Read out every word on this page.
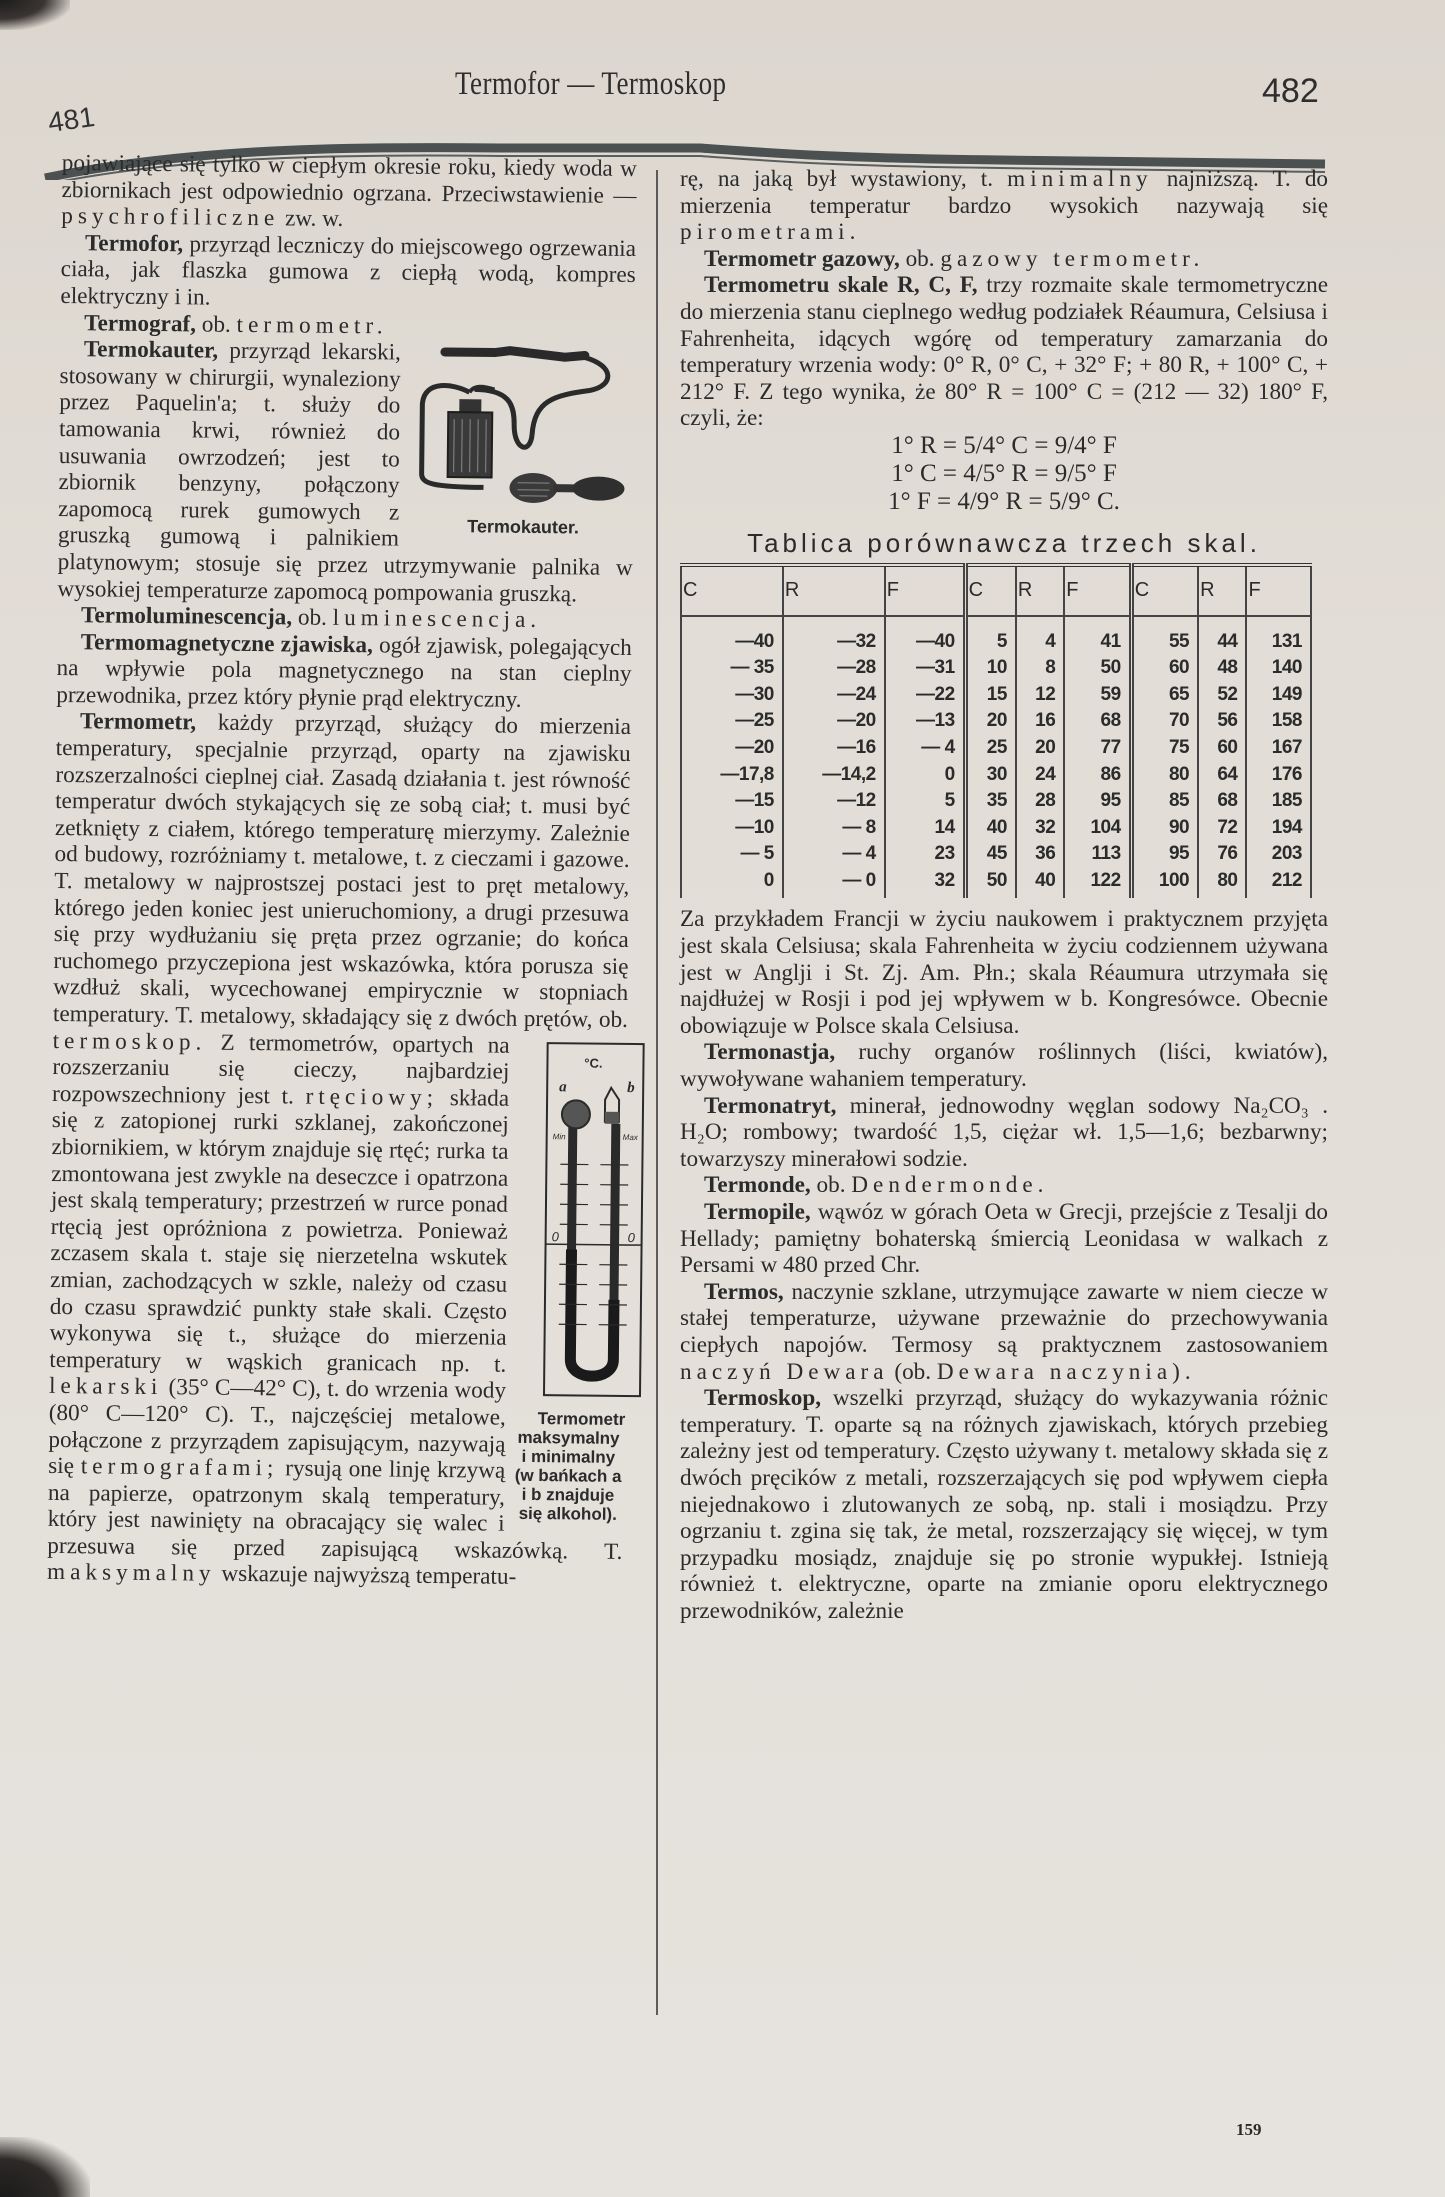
481
Termofor — Termoskop	482

pojawiające się tylko w ciepłym okresie roku, kiedy woda w zbiornikach jest odpowiednio ogrzana. Przeciwstawienie — psychrofiliczne zw. w.

Termofor, przyrząd leczniczy do miejscowego ogrzewania ciała, jak flaszka gumowa z ciepłą wodą, kompres elektryczny i in.

Termograf, ob. termometr.

Termokauter.

Termokauter, przyrząd lekarski, stosowany w chirurgii, wynaleziony przez Paquelin'a; t. służy do tamowania krwi, również do usuwania owrzodzeń; jest to zbiornik benzyny, połączony zapomocą rurek gumowych z gruszką gumową i palnikiem platynowym; stosuje się przez utrzymywanie palnika w wysokiej temperaturze zapomocą pompowania gruszką.

Termoluminescencja, ob. luminescencja.

Termomagnetyczne zjawiska, ogół zjawisk, polegających na wpływie pola magnetycznego na stan cieplny przewodnika, przez który płynie prąd elektryczny.

Termometr, każdy przyrząd, służący do mierzenia temperatury, specjalnie przyrząd, oparty na zjawisku rozszerzalności cieplnej ciał. Zasadą działania t. jest równość temperatur dwóch stykających się ze sobą ciał; t. musi być zetknięty z ciałem, którego temperaturę mierzymy. Zależnie od budowy, rozróżniamy t. metalowe, t. z cieczami i gazowe. T. metalowy w najprostszej postaci jest to pręt metalowy, którego jeden koniec jest unieruchomiony, a drugi przesuwa się przy wydłużaniu się pręta przez ogrzanie; do końca ruchomego przyczepiona jest wskazówka, która porusza się wzdłuż skali, wycechowanej empirycznie w stopniach temperatury. T. metalowy, składający się z dwóch prętów, ob. termoskop.
°C.
a	b
Min	Max
0	0
Termometr maksymalny i minimalny (w bańkach a i b znajduje się alkohol).
Z termometrów, opartych na rozszerzaniu się cieczy, najbardziej rozpowszechniony jest t. rtęciowy; składa się z zatopionej rurki szklanej, zakończonej zbiornikiem, w którym znajduje się rtęć; rurka ta zmontowana jest zwykle na deseczce i opatrzona jest skalą temperatury; przestrzeń w rurce ponad rtęcią jest opróżniona z powietrza. Ponieważ zczasem skala t. staje się nierzetelna wskutek zmian, zachodzących w szkle, należy od czasu do czasu sprawdzić punkty stałe skali. Często wykonywa się t., służące do mierzenia temperatury w wąskich granicach np. t. lekarski (35° C—42° C), t. do wrzenia wody (80° C—120° C). T., najczęściej metalowe, połączone z przyrządem zapisującym, nazywają się termografami; rysują one linję krzywą na papierze, opatrzonym skalą temperatury, który jest nawinięty na obracający się walec i przesuwa się przed zapisującą wskazówką. T. maksymalny wskazuje najwyższą temperatu-

rę, na jaką był wystawiony, t. minimalny najniższą. T. do mierzenia temperatur bardzo wysokich nazywają się pirometrami.

Termometr gazowy, ob. gazowy termometr.

Termometru skale R, C, F, trzy rozmaite skale termometryczne do mierzenia stanu cieplnego według podziałek Réaumura, Celsiusa i Fahrenheita, idących wgórę od temperatury zamarzania do temperatury wrzenia wody: 0° R, 0° C, + 32° F; + 80 R, + 100° C, + 212° F. Z tego wynika, że 80° R = 100° C = (212 — 32) 180° F, czyli, że:

1° R = 5/4° C = 9/4° F
1° C = 4/5° R = 9/5° F
1° F = 4/9° R = 5/9° C.
Tablica porównawcza trzech skal.
C	R	F	C	R	F	C	R	F
—40	—32	—40	5	4	41	55	44	131
— 35	—28	—31	10	8	50	60	48	140
—30	—24	—22	15	12	59	65	52	149
—25	—20	—13	20	16	68	70	56	158
—20	—16	— 4	25	20	77	75	60	167
—17,8	—14,2	0	30	24	86	80	64	176
—15	—12	5	35	28	95	85	68	185
—10	— 8	14	40	32	104	90	72	194
— 5	— 4	23	45	36	113	95	76	203
0	— 0	32	50	40	122	100	80	212

Za przykładem Francji w życiu naukowem i praktycznem przyjęta jest skala Celsiusa; skala Fahrenheita w życiu codziennem używana jest w Anglji i St. Zj. Am. Płn.; skala Réaumura utrzymała się najdłużej w Rosji i pod jej wpływem w b. Kongresówce. Obecnie obowiązuje w Polsce skala Celsiusa.

Termonastja, ruchy organów roślinnych (liści, kwiatów), wywoływane wahaniem temperatury.

Termonatryt, minerał, jednowodny węglan sodowy Na₂CO₃ . H₂O; rombowy; twardość 1,5, ciężar wł. 1,5—1,6; bezbarwny; towarzyszy minerałowi sodzie.

Termonde, ob. Dendermonde.

Termopile, wąwóz w górach Oeta w Grecji, przejście z Tesalji do Hellady; pamiętny bohaterską śmiercią Leonidasa w walkach z Persami w 480 przed Chr.

Termos, naczynie szklane, utrzymujące zawarte w niem ciecze w stałej temperaturze, używane przeważnie do przechowywania ciepłych napojów. Termosy są praktycznem zastosowaniem naczyń Dewara (ob. Dewara naczynia).

Termoskop, wszelki przyrząd, służący do wykazywania różnic temperatury. T. oparte są na różnych zjawiskach, których przebieg zależny jest od temperatury. Często używany t. metalowy składa się z dwóch pręcików z metali, rozszerzających się pod wpływem ciepła niejednakowo i zlutowanych ze sobą, np. stali i mosiądzu. Przy ogrzaniu t. zgina się tak, że metal, rozszerzający się więcej, w tym przypadku mosiądz, znajduje się po stronie wypukłej. Istnieją również t. elektryczne, oparte na zmianie oporu elektrycznego przewodników, zależnie

159
